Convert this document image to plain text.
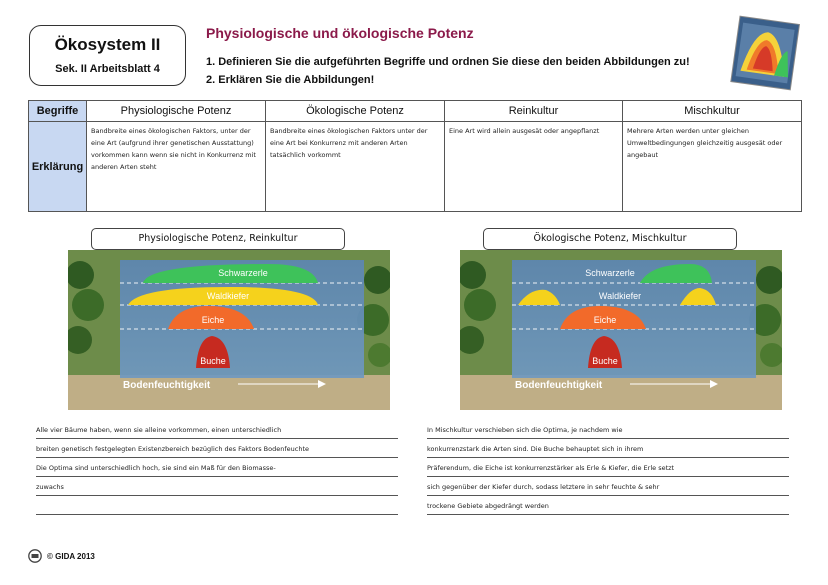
Ökosystem II
Sek. II Arbeitsblatt 4
Physiologische und ökologische Potenz
1. Definieren Sie die aufgeführten Begriffe und ordnen Sie diese den beiden Abbildungen zu!
2. Erklären Sie die Abbildungen!
Begriffe	Physiologische Potenz	Ökologische Potenz	Reinkultur	Mischkultur
Erklärung	Bandbreite eines ökologischen Faktors, unter der eine Art (aufgrund ihrer genetischen Ausstattung) vorkommen kann wenn sie nicht in Konkurrenz mit anderen Arten steht	Bandbreite eines ökologischen Faktors unter der eine Art bei Konkurrenz mit anderen Arten tatsächlich vorkommt	Eine Art wird allein ausgesät oder angepflanzt	Mehrere Arten werden unter gleichen Umweltbedingungen gleichzeitig ausgesät oder angebaut
Physiologische Potenz, Reinkultur	Ökologische Potenz, Mischkultur
Schwarzerle
Waldkiefer
Eiche
Buche
Bodenfeuchtigkeit
Schwarzerle
Waldkiefer
Eiche
Buche
Bodenfeuchtigkeit
Alle vier Bäume haben, wenn sie alleine vorkommen, einen unterschiedlich
breiten genetisch festgelegten Existenzbereich bezüglich des Faktors Bodenfeuchte
Die Optima sind unterschiedlich hoch, sie sind ein Maß für den Biomasse-
zuwachs
In Mischkultur verschieben sich die Optima, je nachdem wie
konkurrenzstark die Arten sind. Die Buche behauptet sich in ihrem
Präferendum, die Eiche ist konkurrenzstärker als Erle & Kiefer, die Erle setzt
sich gegenüber der Kiefer durch, sodass letztere in sehr feuchte & sehr
trockene Gebiete abgedrängt werden
© GIDA 2013
